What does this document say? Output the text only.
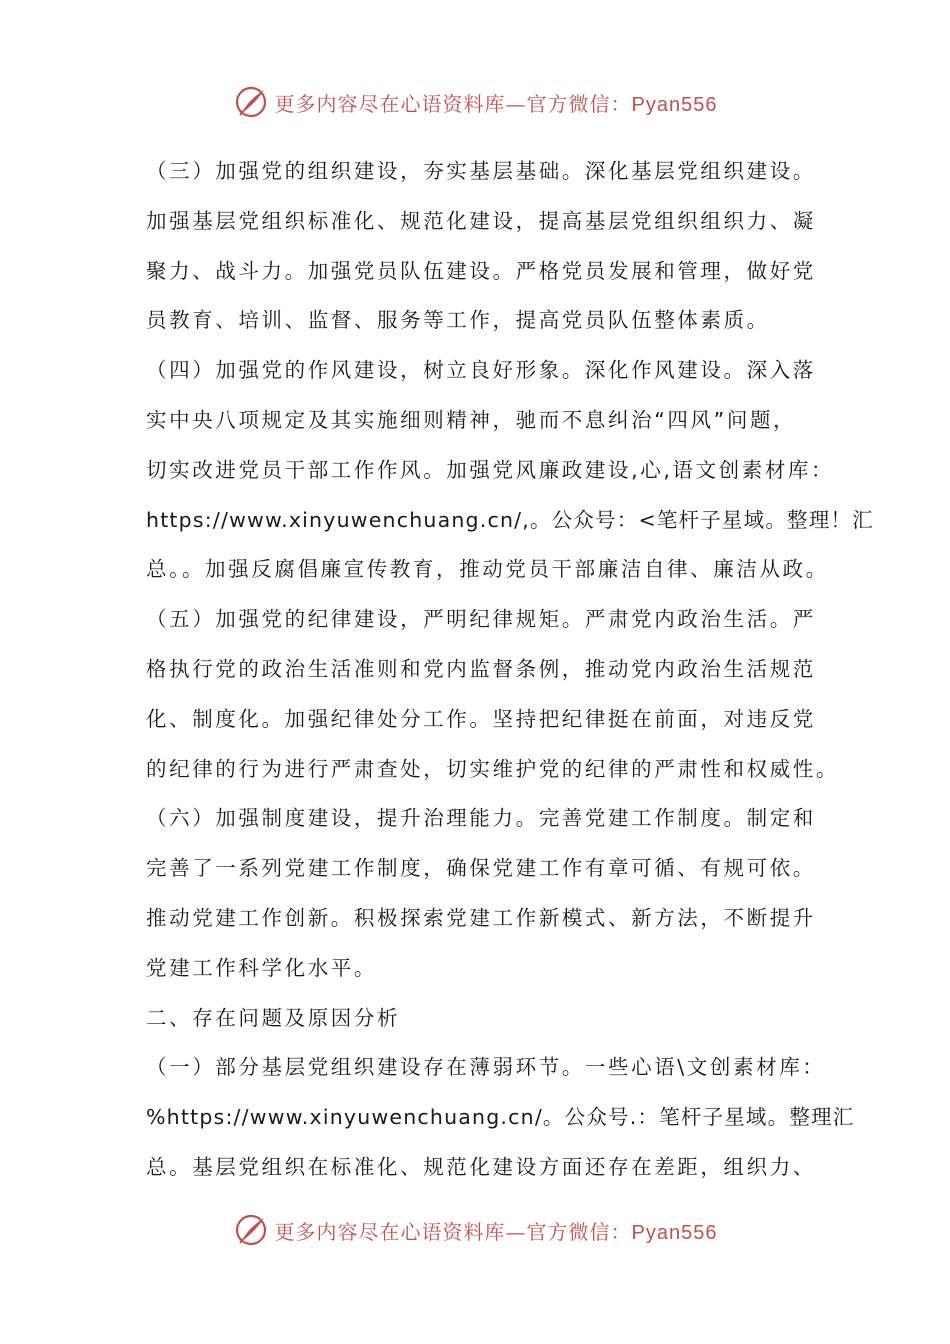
更多内容尽在心语资料库—官方微信：Pyan556
（三）加强党的组织建设，夯实基层基础。深化基层党组织建设。
加强基层党组织标准化、规范化建设，提高基层党组织组织力、凝
聚力、战斗力。加强党员队伍建设。严格党员发展和管理，做好党
员教育、培训、监督、服务等工作，提高党员队伍整体素质。
（四）加强党的作风建设，树立良好形象。深化作风建设。深入落
实中央八项规定及其实施细则精神，驰而不息纠治“四风”问题，
切实改进党员干部工作作风。加强党风廉政建设,心,语文创素材库：
https://www.xinyuwenchuang.cn/,。公众号：<笔杆子星域。整理！汇
总。。加强反腐倡廉宣传教育，推动党员干部廉洁自律、廉洁从政。
（五）加强党的纪律建设，严明纪律规矩。严肃党内政治生活。严
格执行党的政治生活准则和党内监督条例，推动党内政治生活规范
化、制度化。加强纪律处分工作。坚持把纪律挺在前面，对违反党
的纪律的行为进行严肃查处，切实维护党的纪律的严肃性和权威性。
（六）加强制度建设，提升治理能力。完善党建工作制度。制定和
完善了一系列党建工作制度，确保党建工作有章可循、有规可依。
推动党建工作创新。积极探索党建工作新模式、新方法，不断提升
党建工作科学化水平。
二、存在问题及原因分析
（一）部分基层党组织建设存在薄弱环节。一些心语\文创素材库：
%https://www.xinyuwenchuang.cn/。公众号.：笔杆子星域。整理汇
总。基层党组织在标准化、规范化建设方面还存在差距，组织力、
更多内容尽在心语资料库—官方微信：Pyan556
